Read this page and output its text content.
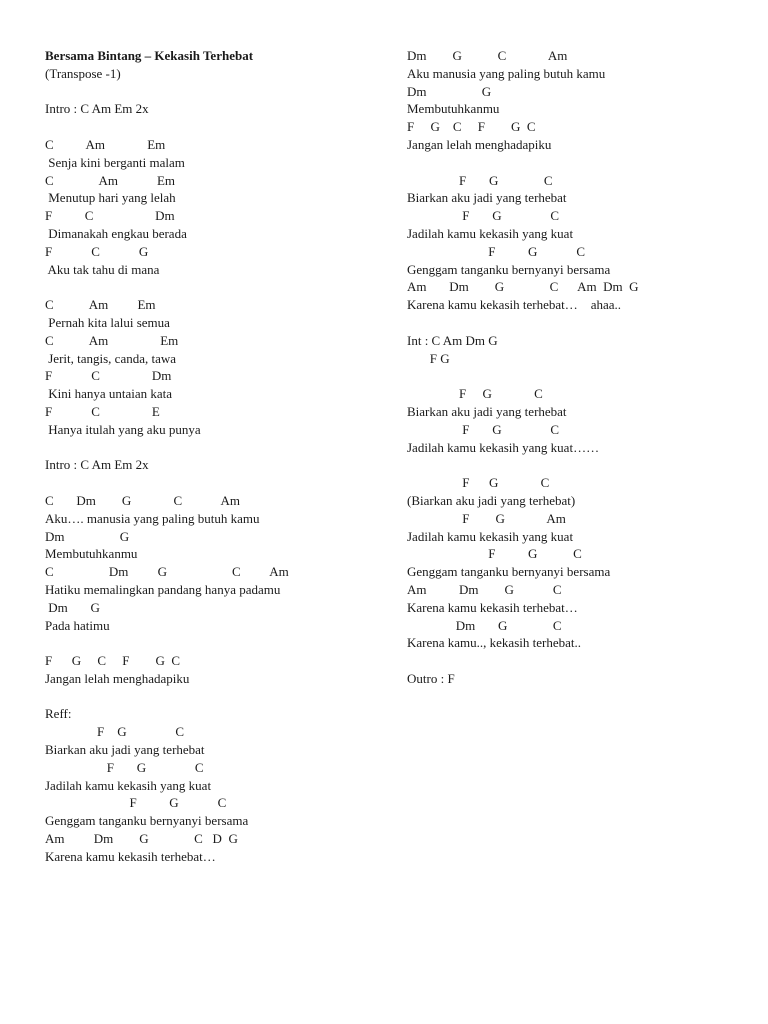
Bersama Bintang – Kekasih Terhebat
(Transpose -1)
Intro : C Am Em 2x
C          Am             Em
Senja kini berganti malam
C              Am            Em
Menutup hari yang lelah
F          C                   Dm
Dimanakah engkau berada
F            C            G
Aku tak tahu di mana
C           Am         Em
Pernah kita lalui semua
C           Am                Em
Jerit, tangis, canda, tawa
F            C                Dm
Kini hanya untaian kata
F            C                E
Hanya itulah yang aku punya
Intro : C Am Em 2x
C       Dm        G             C            Am
Aku…. manusia yang paling butuh kamu
Dm                 G
Membutuhkanmu
C                 Dm         G                    C         Am
Hatiku memalingkan pandang hanya padamu
Dm       G
Pada hatimu
F      G     C     F        G  C
Jangan lelah menghadapiku
Reff:
F    G               C
Biarkan aku jadi yang terhebat
F       G               C
Jadilah kamu kekasih yang kuat
F          G            C
Genggam tanganku bernyanyi bersama
Am         Dm        G              C   D  G
Karena kamu kekasih terhebat…
Dm        G           C             Am
Aku manusia yang paling butuh kamu
Dm                 G
Membutuhkanmu
F     G    C     F        G  C
Jangan lelah menghadapiku
F       G              C
Biarkan aku jadi yang terhebat
F       G               C
Jadilah kamu kekasih yang kuat
F          G            C
Genggam tanganku bernyanyi bersama
Am       Dm        G              C      Am  Dm  G
Karena kamu kekasih terhebat…    ahaa..
Int : C Am Dm G
F G
F     G             C
Biarkan aku jadi yang terhebat
F       G               C
Jadilah kamu kekasih yang kuat……
F      G             C
(Biarkan aku jadi yang terhebat)
F        G             Am
Jadilah kamu kekasih yang kuat
F          G           C
Genggam tanganku bernyanyi bersama
Am          Dm        G            C
Karena kamu kekasih terhebat…
Dm       G              C
Karena kamu.., kekasih terhebat..
Outro : F
